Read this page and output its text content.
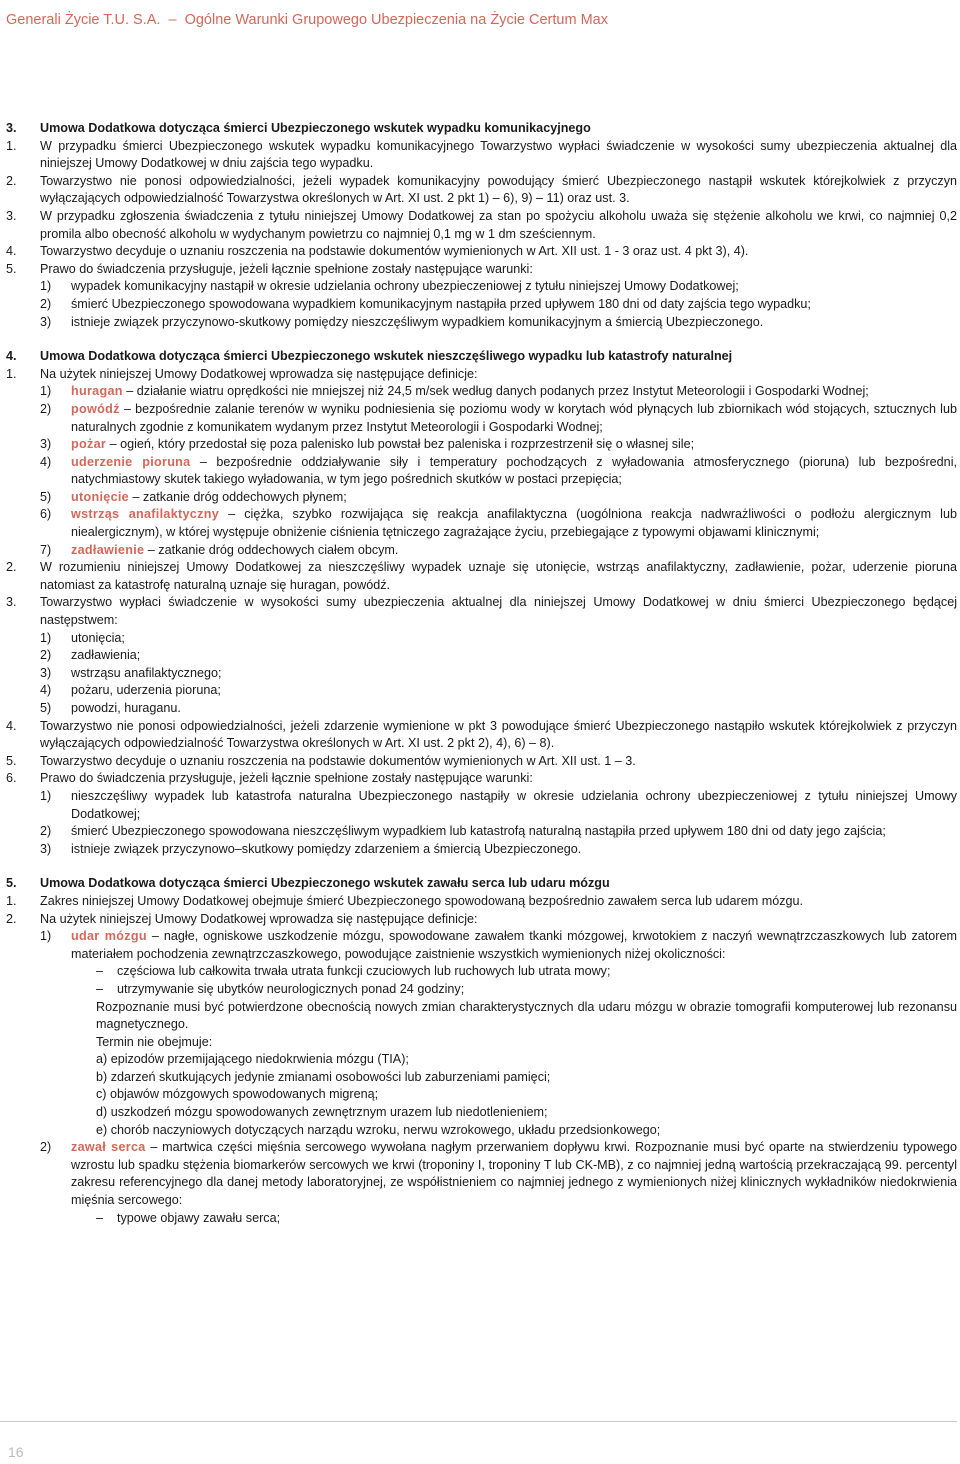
Generali Życie T.U. S.A. – Ogólne Warunki Grupowego Ubezpieczenia na Życie Certum Max
3.	Umowa Dodatkowa dotycząca śmierci Ubezpieczonego wskutek wypadku komunikacyjnego
1.	W przypadku śmierci Ubezpieczonego wskutek wypadku komunikacyjnego Towarzystwo wypłaci świadczenie w wysokości sumy ubezpieczenia aktualnej dla niniejszej Umowy Dodatkowej w dniu zajścia tego wypadku.
2.	Towarzystwo nie ponosi odpowiedzialności, jeżeli wypadek komunikacyjny powodujący śmierć Ubezpieczonego nastąpił wskutek którejkolwiek z przyczyn wyłączających odpowiedzialność Towarzystwa określonych w Art. XI ust. 2 pkt 1) – 6), 9) – 11) oraz ust. 3.
3.	W przypadku zgłoszenia świadczenia z tytułu niniejszej Umowy Dodatkowej za stan po spożyciu alkoholu uważa się stężenie alkoholu we krwi, co najmniej 0,2 promila albo obecność alkoholu w wydychanym powietrzu co najmniej 0,1 mg w 1 dm sześciennym.
4.	Towarzystwo decyduje o uznaniu roszczenia na podstawie dokumentów wymienionych w Art. XII ust. 1 - 3 oraz ust. 4 pkt 3), 4).
5.	Prawo do świadczenia przysługuje, jeżeli łącznie spełnione zostały następujące warunki:
1)	wypadek komunikacyjny nastąpił w okresie udzielania ochrony ubezpieczeniowej z tytułu niniejszej Umowy Dodatkowej;
2)	śmierć Ubezpieczonego spowodowana wypadkiem komunikacyjnym nastąpiła przed upływem 180 dni od daty zajścia tego wypadku;
3)	istnieje związek przyczynowo-skutkowy pomiędzy nieszczęśliwym wypadkiem komunikacyjnym a śmiercią Ubezpieczonego.
4.	Umowa Dodatkowa dotycząca śmierci Ubezpieczonego wskutek nieszczęśliwego wypadku lub katastrofy naturalnej
1.	Na użytek niniejszej Umowy Dodatkowej wprowadza się następujące definicje:
1)	huragan – działanie wiatru oprędkości nie mniejszej niż 24,5 m/sek według danych podanych przez Instytut Meteorologii i Gospodarki Wodnej;
2)	powódź – bezpośrednie zalanie terenów w wyniku podniesienia się poziomu wody w korytach wód płynących lub zbiornikach wód stojących, sztucznych lub naturalnych zgodnie z komunikatem wydanym przez Instytut Meteorologii i Gospodarki Wodnej;
3)	pożar – ogień, który przedostał się poza palenisko lub powstał bez paleniska i rozprzestrzenił się o własnej sile;
4)	uderzenie pioruna – bezpośrednie oddziaływanie siły i temperatury pochodzących z wyładowania atmosferycznego (pioruna) lub bezpośredni, natychmiastowy skutek takiego wyładowania, w tym jego pośrednich skutków w postaci przepięcia;
5)	utonięcie – zatkanie dróg oddechowych płynem;
6)	wstrząs anafilaktyczny – ciężka, szybko rozwijająca się reakcja anafilaktyczna (uogólniona reakcja nadwrażliwości o podłożu alergicznym lub niealergicznym), w której występuje obniżenie ciśnienia tętniczego zagrażające życiu, przebiegające z typowymi objawami klinicznymi;
7)	zadławienie – zatkanie dróg oddechowych ciałem obcym.
2.	W rozumieniu niniejszej Umowy Dodatkowej za nieszczęśliwy wypadek uznaje się utonięcie, wstrząs anafilaktyczny, zadławienie, pożar, uderzenie pioruna natomiast za katastrofę naturalną uznaje się huragan, powódź.
3.	Towarzystwo wypłaci świadczenie w wysokości sumy ubezpieczenia aktualnej dla niniejszej Umowy Dodatkowej w dniu śmierci Ubezpieczonego będącej następstwem:
1)	utonięcia;
2)	zadławienia;
3)	wstrząsu anafilaktycznego;
4)	pożaru, uderzenia pioruna;
5)	powodzi, huraganu.
4.	Towarzystwo nie ponosi odpowiedzialności, jeżeli zdarzenie wymienione w pkt 3 powodujące śmierć Ubezpieczonego nastąpiło wskutek którejkolwiek z przyczyn wyłączających odpowiedzialność Towarzystwa określonych w Art. XI ust. 2 pkt 2), 4), 6) – 8).
5.	Towarzystwo decyduje o uznaniu roszczenia na podstawie dokumentów wymienionych w Art. XII ust. 1 – 3.
6.	Prawo do świadczenia przysługuje, jeżeli łącznie spełnione zostały następujące warunki:
1)	nieszczęśliwy wypadek lub katastrofa naturalna Ubezpieczonego nastąpiły w okresie udzielania ochrony ubezpieczeniowej z tytułu niniejszej Umowy Dodatkowej;
2)	śmierć Ubezpieczonego spowodowana nieszczęśliwym wypadkiem lub katastrofą naturalną nastąpiła przed upływem 180 dni od daty jego zajścia;
3)	istnieje związek przyczynowo–skutkowy pomiędzy zdarzeniem a śmiercią Ubezpieczonego.
5.	Umowa Dodatkowa dotycząca śmierci Ubezpieczonego wskutek zawału serca lub udaru mózgu
1.	Zakres niniejszej Umowy Dodatkowej obejmuje śmierć Ubezpieczonego spowodowaną bezpośrednio zawałem serca lub udarem mózgu.
2.	Na użytek niniejszej Umowy Dodatkowej wprowadza się następujące definicje:
1)	udar mózgu – nagłe, ogniskowe uszkodzenie mózgu, spowodowane zawałem tkanki mózgowej, krwotokiem z naczyń wewnątrzczaszkowych lub zatorem materiałem pochodzenia zewnątrzczaszkowego, powodujące zaistnienie wszystkich wymienionych niżej okoliczności:
–	częściowa lub całkowita trwała utrata funkcji czuciowych lub ruchowych lub utrata mowy;
–	utrzymywanie się ubytków neurologicznych ponad 24 godziny;
Rozpoznanie musi być potwierdzone obecnością nowych zmian charakterystycznych dla udaru mózgu w obrazie tomografii komputerowej lub rezonansu magnetycznego.
Termin nie obejmuje:
a) epizodów przemijającego niedokrwienia mózgu (TIA);
b) zdarzeń skutkujących jedynie zmianami osobowości lub zaburzeniami pamięci;
c) objawów mózgowych spowodowanych migreną;
d) uszkodzeń mózgu spowodowanych zewnętrznym urazem lub niedotlenieniem;
e) chorób naczyniowych dotyczących narządu wzroku, nerwu wzrokowego, układu przedsionkowego;
2)	zawał serca – martwica części mięśnia sercowego wywołana nagłym przerwaniem dopływu krwi. Rozpoznanie musi być oparte na stwierdzeniu typowego wzrostu lub spadku stężenia biomarkerów sercowych we krwi (troponiny I, troponiny T lub CK-MB), z co najmniej jedną wartością przekraczającą 99. percentyl zakresu referencyjnego dla danej metody laboratoryjnej, ze współistnieniem co najmniej jednego z wymienionych niżej klinicznych wykładników niedokrwienia mięśnia sercowego:
–	typowe objawy zawału serca;
16
